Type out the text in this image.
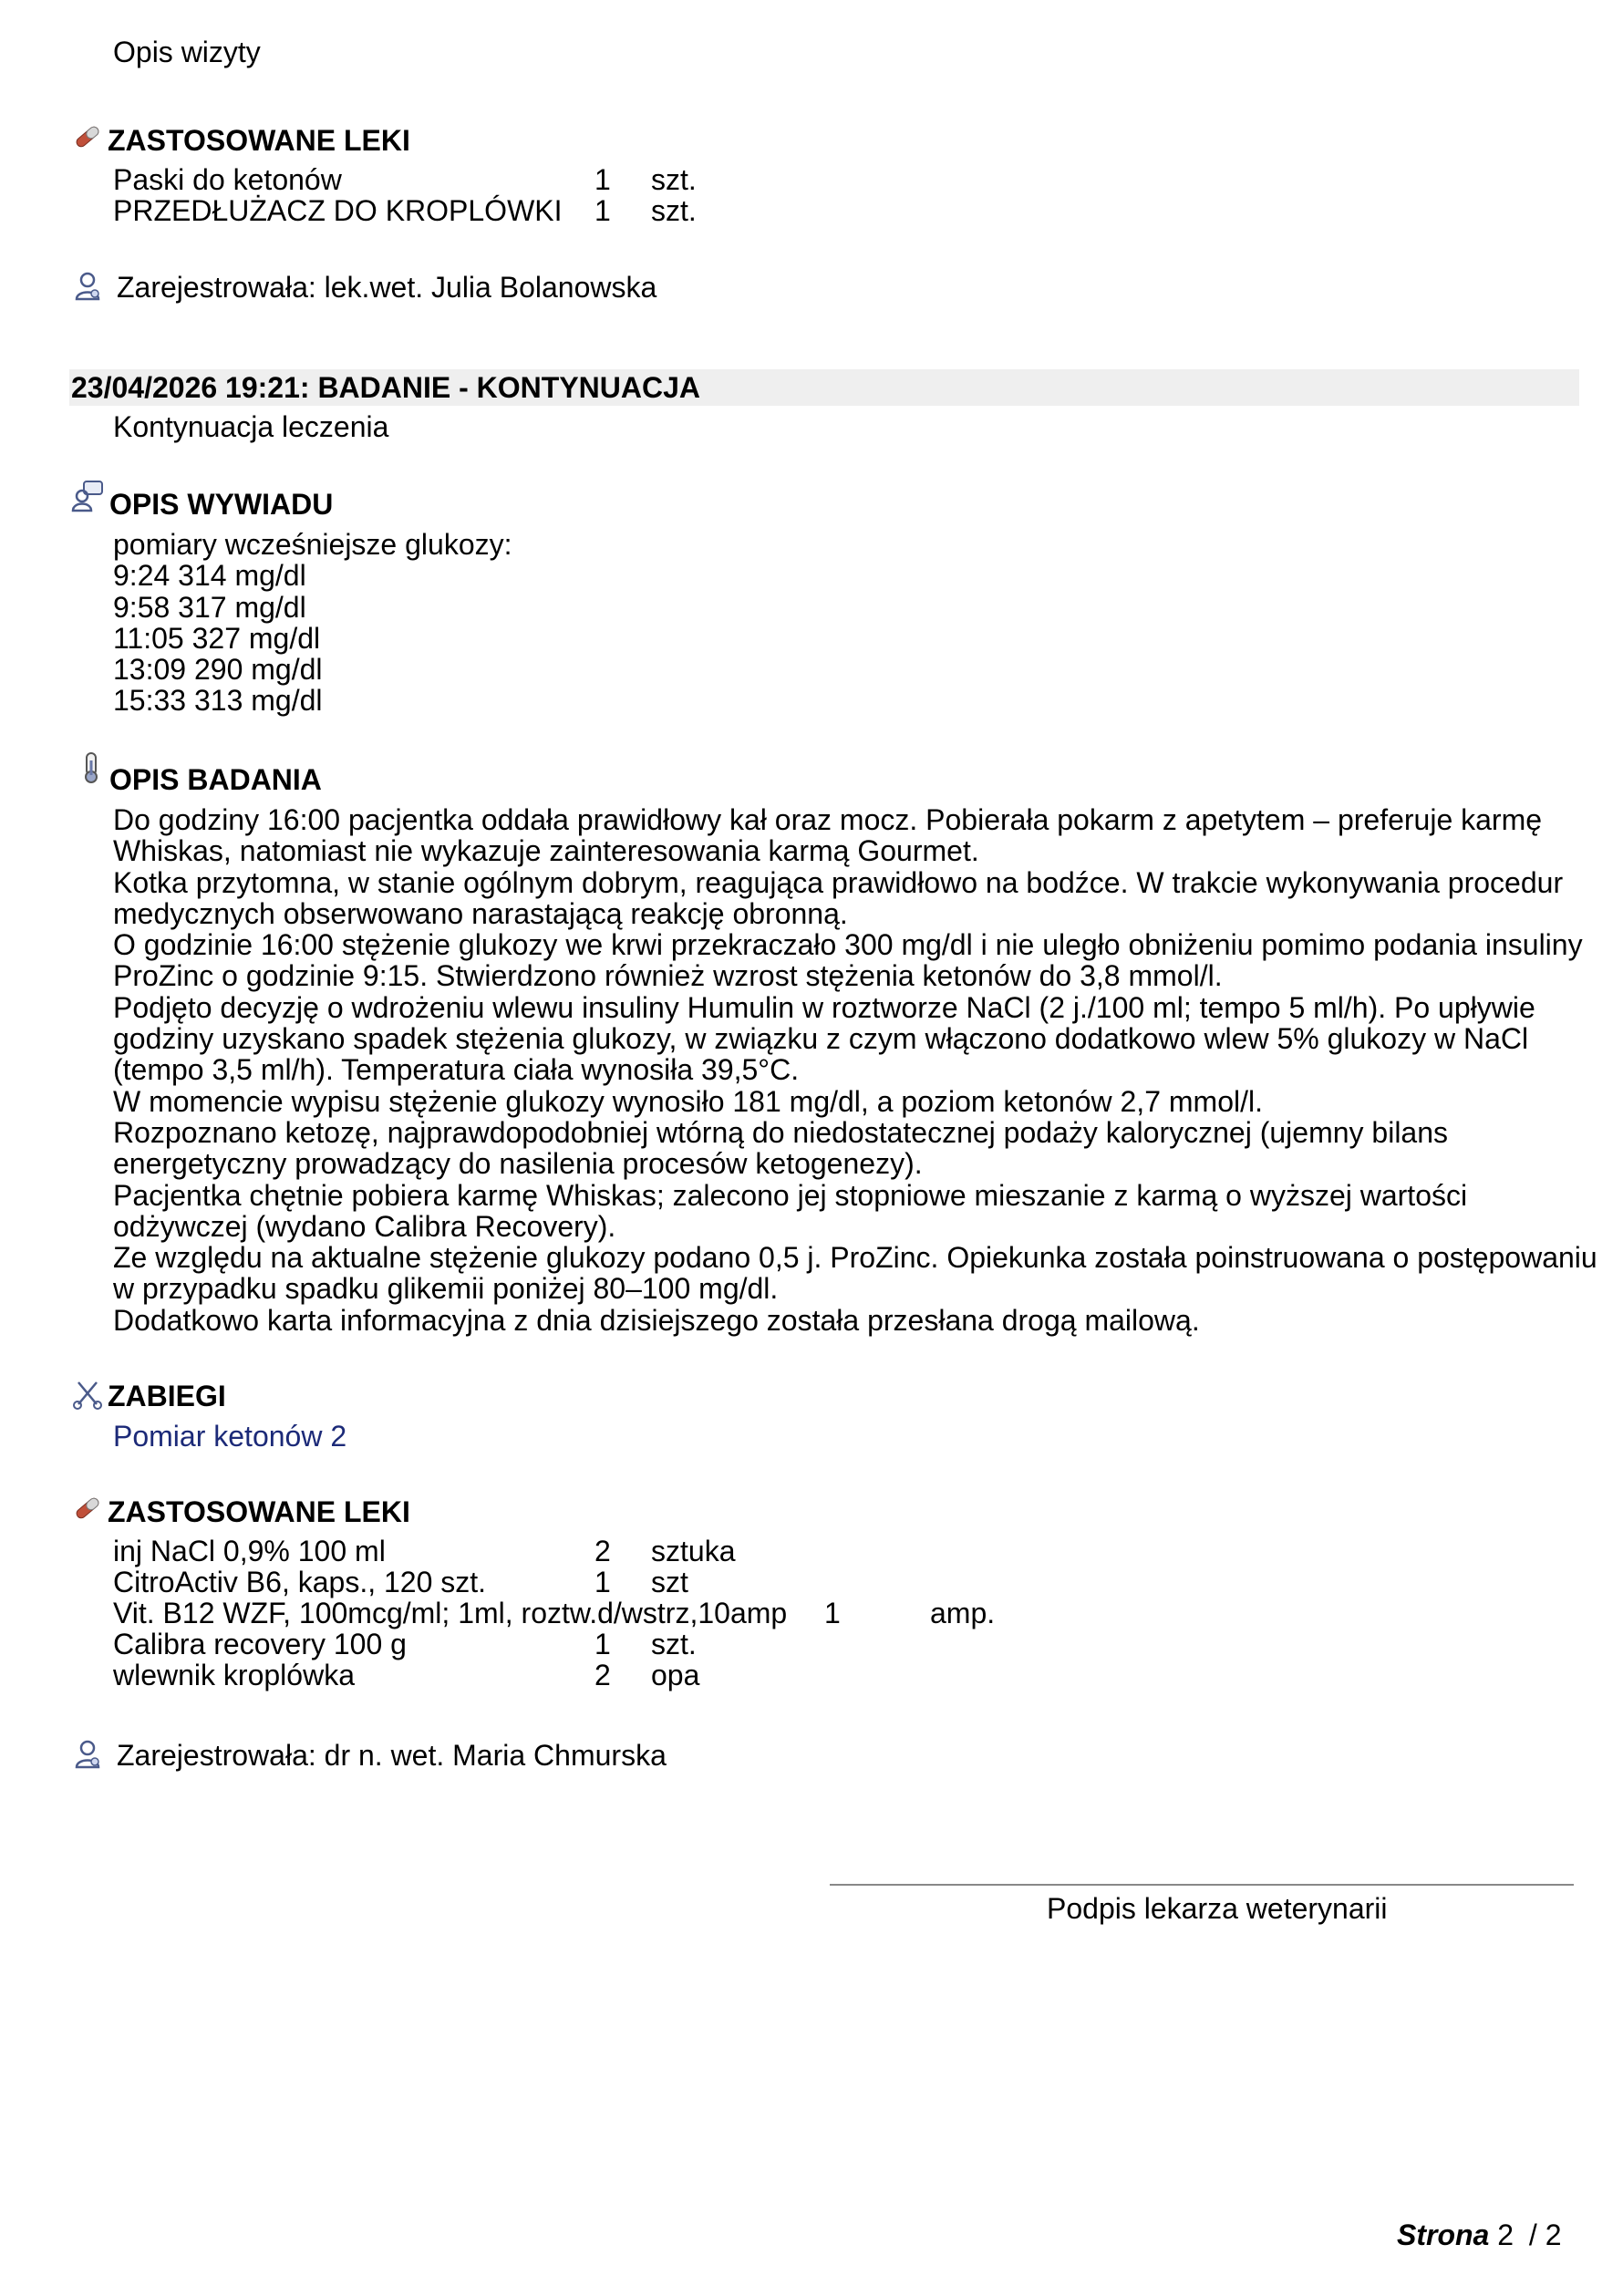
Opis wizyty
ZASTOSOWANE LEKI
Paski do ketonów	1 szt.
PRZEDŁUŻACZ DO KROPLÓWKI 1 szt.
Zarejestrowała: lek.wet. Julia Bolanowska
23/04/2026 19:21: BADANIE - KONTYNUACJA
Kontynuacja leczenia
OPIS WYWIADU
pomiary wcześniejsze glukozy:
9:24 314 mg/dl
9:58 317 mg/dl
11:05 327 mg/dl
13:09 290 mg/dl
15:33 313 mg/dl
OPIS BADANIA
Do godziny 16:00 pacjentka oddała prawidłowy kał oraz mocz. Pobierała pokarm z apetytem – preferuje karmę
Whiskas, natomiast nie wykazuje zainteresowania karmą Gourmet.
Kotka przytomna, w stanie ogólnym dobrym, reagująca prawidłowo na bodźce. W trakcie wykonywania procedur
medycznych obserwowano narastającą reakcję obronną.
O godzinie 16:00 stężenie glukozy we krwi przekraczało 300 mg/dl i nie uległo obniżeniu pomimo podania insuliny
ProZinc o godzinie 9:15. Stwierdzono również wzrost stężenia ketonów do 3,8 mmol/l.
Podjęto decyzję o wdrożeniu wlewu insuliny Humulin w roztworze NaCl (2 j./100 ml; tempo 5 ml/h). Po upływie
godziny uzyskano spadek stężenia glukozy, w związku z czym włączono dodatkowo wlew 5% glukozy w NaCl
(tempo 3,5 ml/h). Temperatura ciała wynosiła 39,5°C.
W momencie wypisu stężenie glukozy wynosiło 181 mg/dl, a poziom ketonów 2,7 mmol/l.
Rozpoznano ketozę, najprawdopodobniej wtórną do niedostatecznej podaży kalorycznej (ujemny bilans
energetyczny prowadzący do nasilenia procesów ketogenezy).
Pacjentka chętnie pobiera karmę Whiskas; zalecono jej stopniowe mieszanie z karmą o wyższej wartości
odżywczej (wydano Calibra Recovery).
Ze względu na aktualne stężenie glukozy podano 0,5 j. ProZinc. Opiekunka została poinstruowana o postępowaniu
w przypadku spadku glikemii poniżej 80–100 mg/dl.
Dodatkowo karta informacyjna z dnia dzisiejszego została przesłana drogą mailową.
ZABIEGI
Pomiar ketonów 2
ZASTOSOWANE LEKI
inj NaCl 0,9% 100 ml	2 sztuka
CitroActiv B6, kaps., 120 szt.	1 szt
Vit. B12 WZF, 100mcg/ml; 1ml, roztw.d/wstrz,10amp 1	amp.
Calibra recovery 100 g	1 szt.
wlewnik kroplówka	2 opa
Zarejestrowała: dr n. wet. Maria Chmurska
Podpis lekarza weterynarii
Strona 2 / 2
